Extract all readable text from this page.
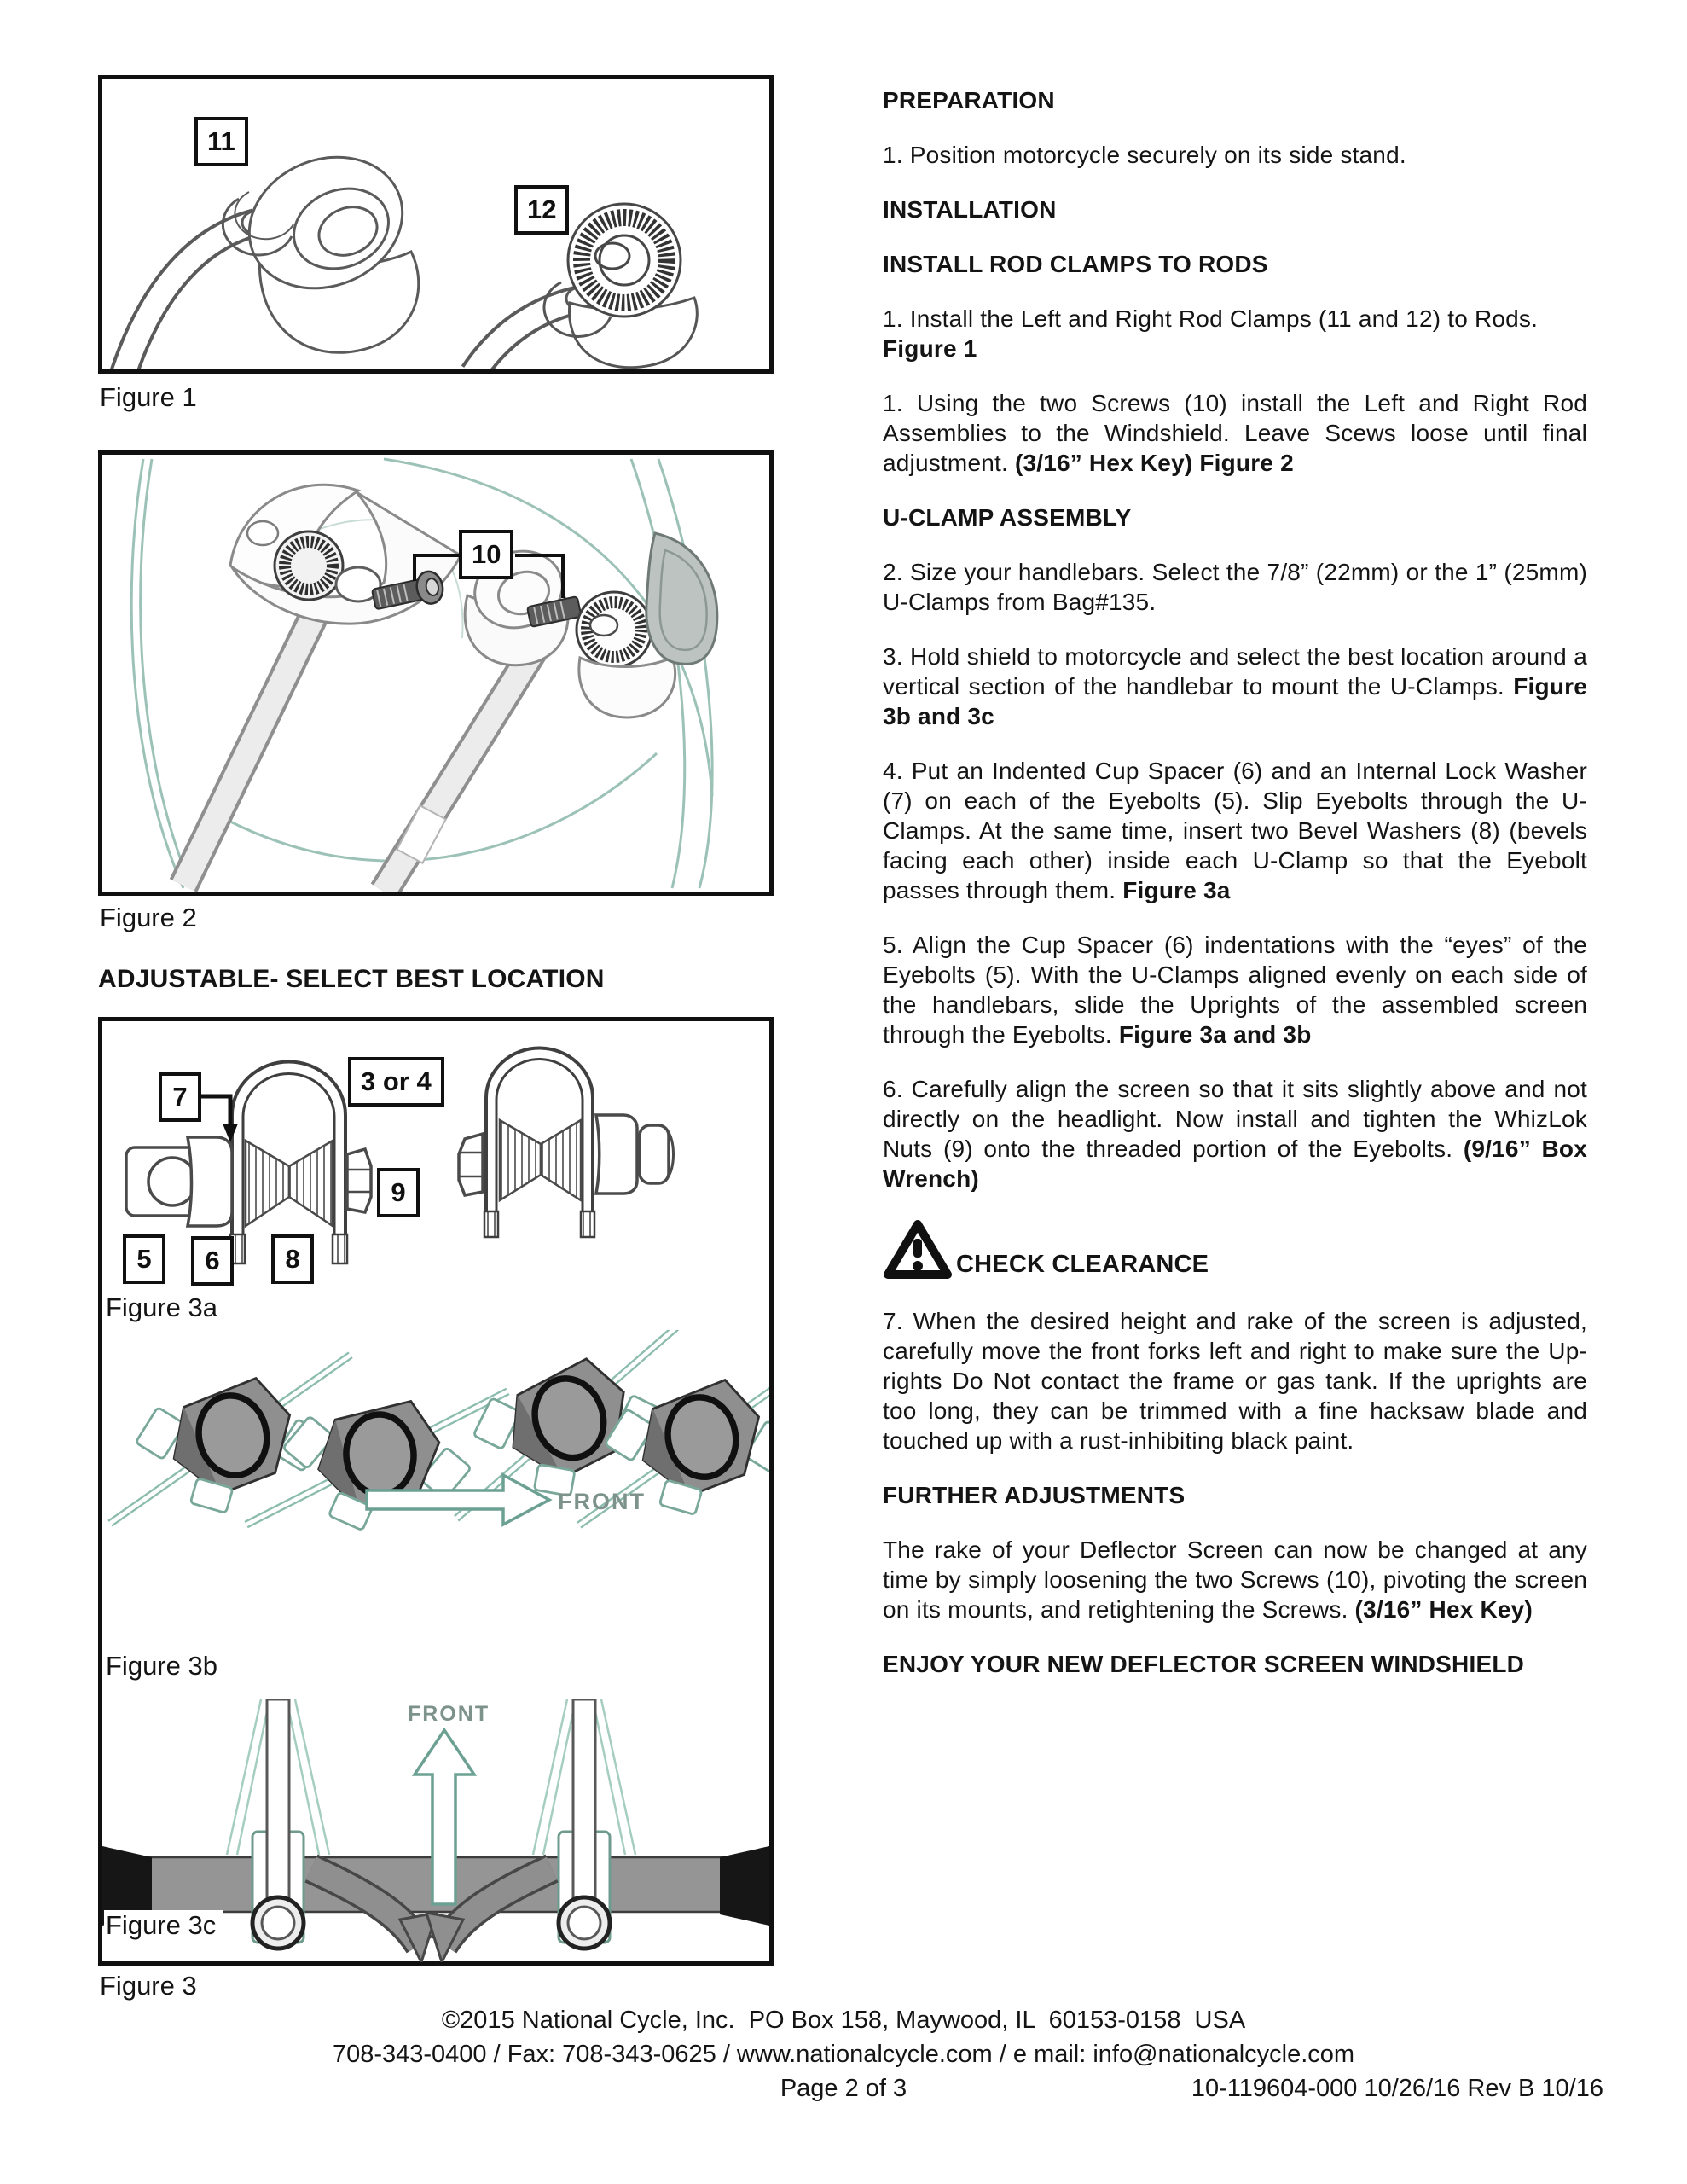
11
12
Figure 1
10
Figure 2
ADJUSTABLE- SELECT BEST LOCATION
7
3 or 4
9
5	6	8
Figure 3a
FRONT
Figure 3b
FRONT
Figure 3c
Figure 3
PREPARATION

1. Position motorcycle securely on its side stand.

INSTALLATION
INSTALL ROD CLAMPS TO RODS

1. Install the Left and Right Rod Clamps (11 and 12) to Rods.
Figure 1

1. Using the two Screws (10) install the Left and Right Rod Assemblies to the Windshield. Leave Scews loose until final adjustment. (3/16” Hex Key) Figure 2

U-CLAMP ASSEMBLY

2. Size your handlebars. Select the 7/8” (22mm) or the 1” (25mm) U-Clamps from Bag#135.

3. Hold shield to motorcycle and select the best location around a vertical section of the handlebar to mount the U-Clamps. Figure 3b and 3c

4. Put an Indented Cup Spacer (6) and an Internal Lock Washer (7) on each of the Eyebolts (5). Slip Eyebolts through the U-Clamps. At the same time, insert two Bevel Washers (8) (bevels facing each other) inside each U-Clamp so that the Eyebolt passes through them. Figure 3a

5. Align the Cup Spacer (6) indentations with the “eyes” of the Eyebolts (5). With the U-Clamps aligned evenly on each side of the handlebars, slide the Uprights of the assembled screen through the Eyebolts. Figure 3a and 3b

6. Carefully align the screen so that it sits slightly above and not directly on the headlight. Now install and tighten the WhizLok Nuts (9) onto the threaded portion of the Eyebolts. (9/16” Box Wrench)

CHECK CLEARANCE

7. When the desired height and rake of the screen is adjusted, carefully move the front forks left and right to make sure the Up-rights Do Not contact the frame or gas tank. If the uprights are too long, they can be trimmed with a fine hacksaw blade and touched up with a rust-inhibiting black paint.

FURTHER ADJUSTMENTS

The rake of your Deflector Screen can now be changed at any time by simply loosening the two Screws (10), pivoting the screen on its mounts, and retightening the Screws. (3/16” Hex Key)

ENJOY YOUR NEW DEFLECTOR SCREEN WINDSHIELD
©2015 National Cycle, Inc.  PO Box 158, Maywood, IL  60153-0158  USA
708-343-0400 / Fax: 708-343-0625 / www.nationalcycle.com / e mail: info@nationalcycle.com
Page 2 of 3	10-119604-000 10/26/16 Rev B 10/16
